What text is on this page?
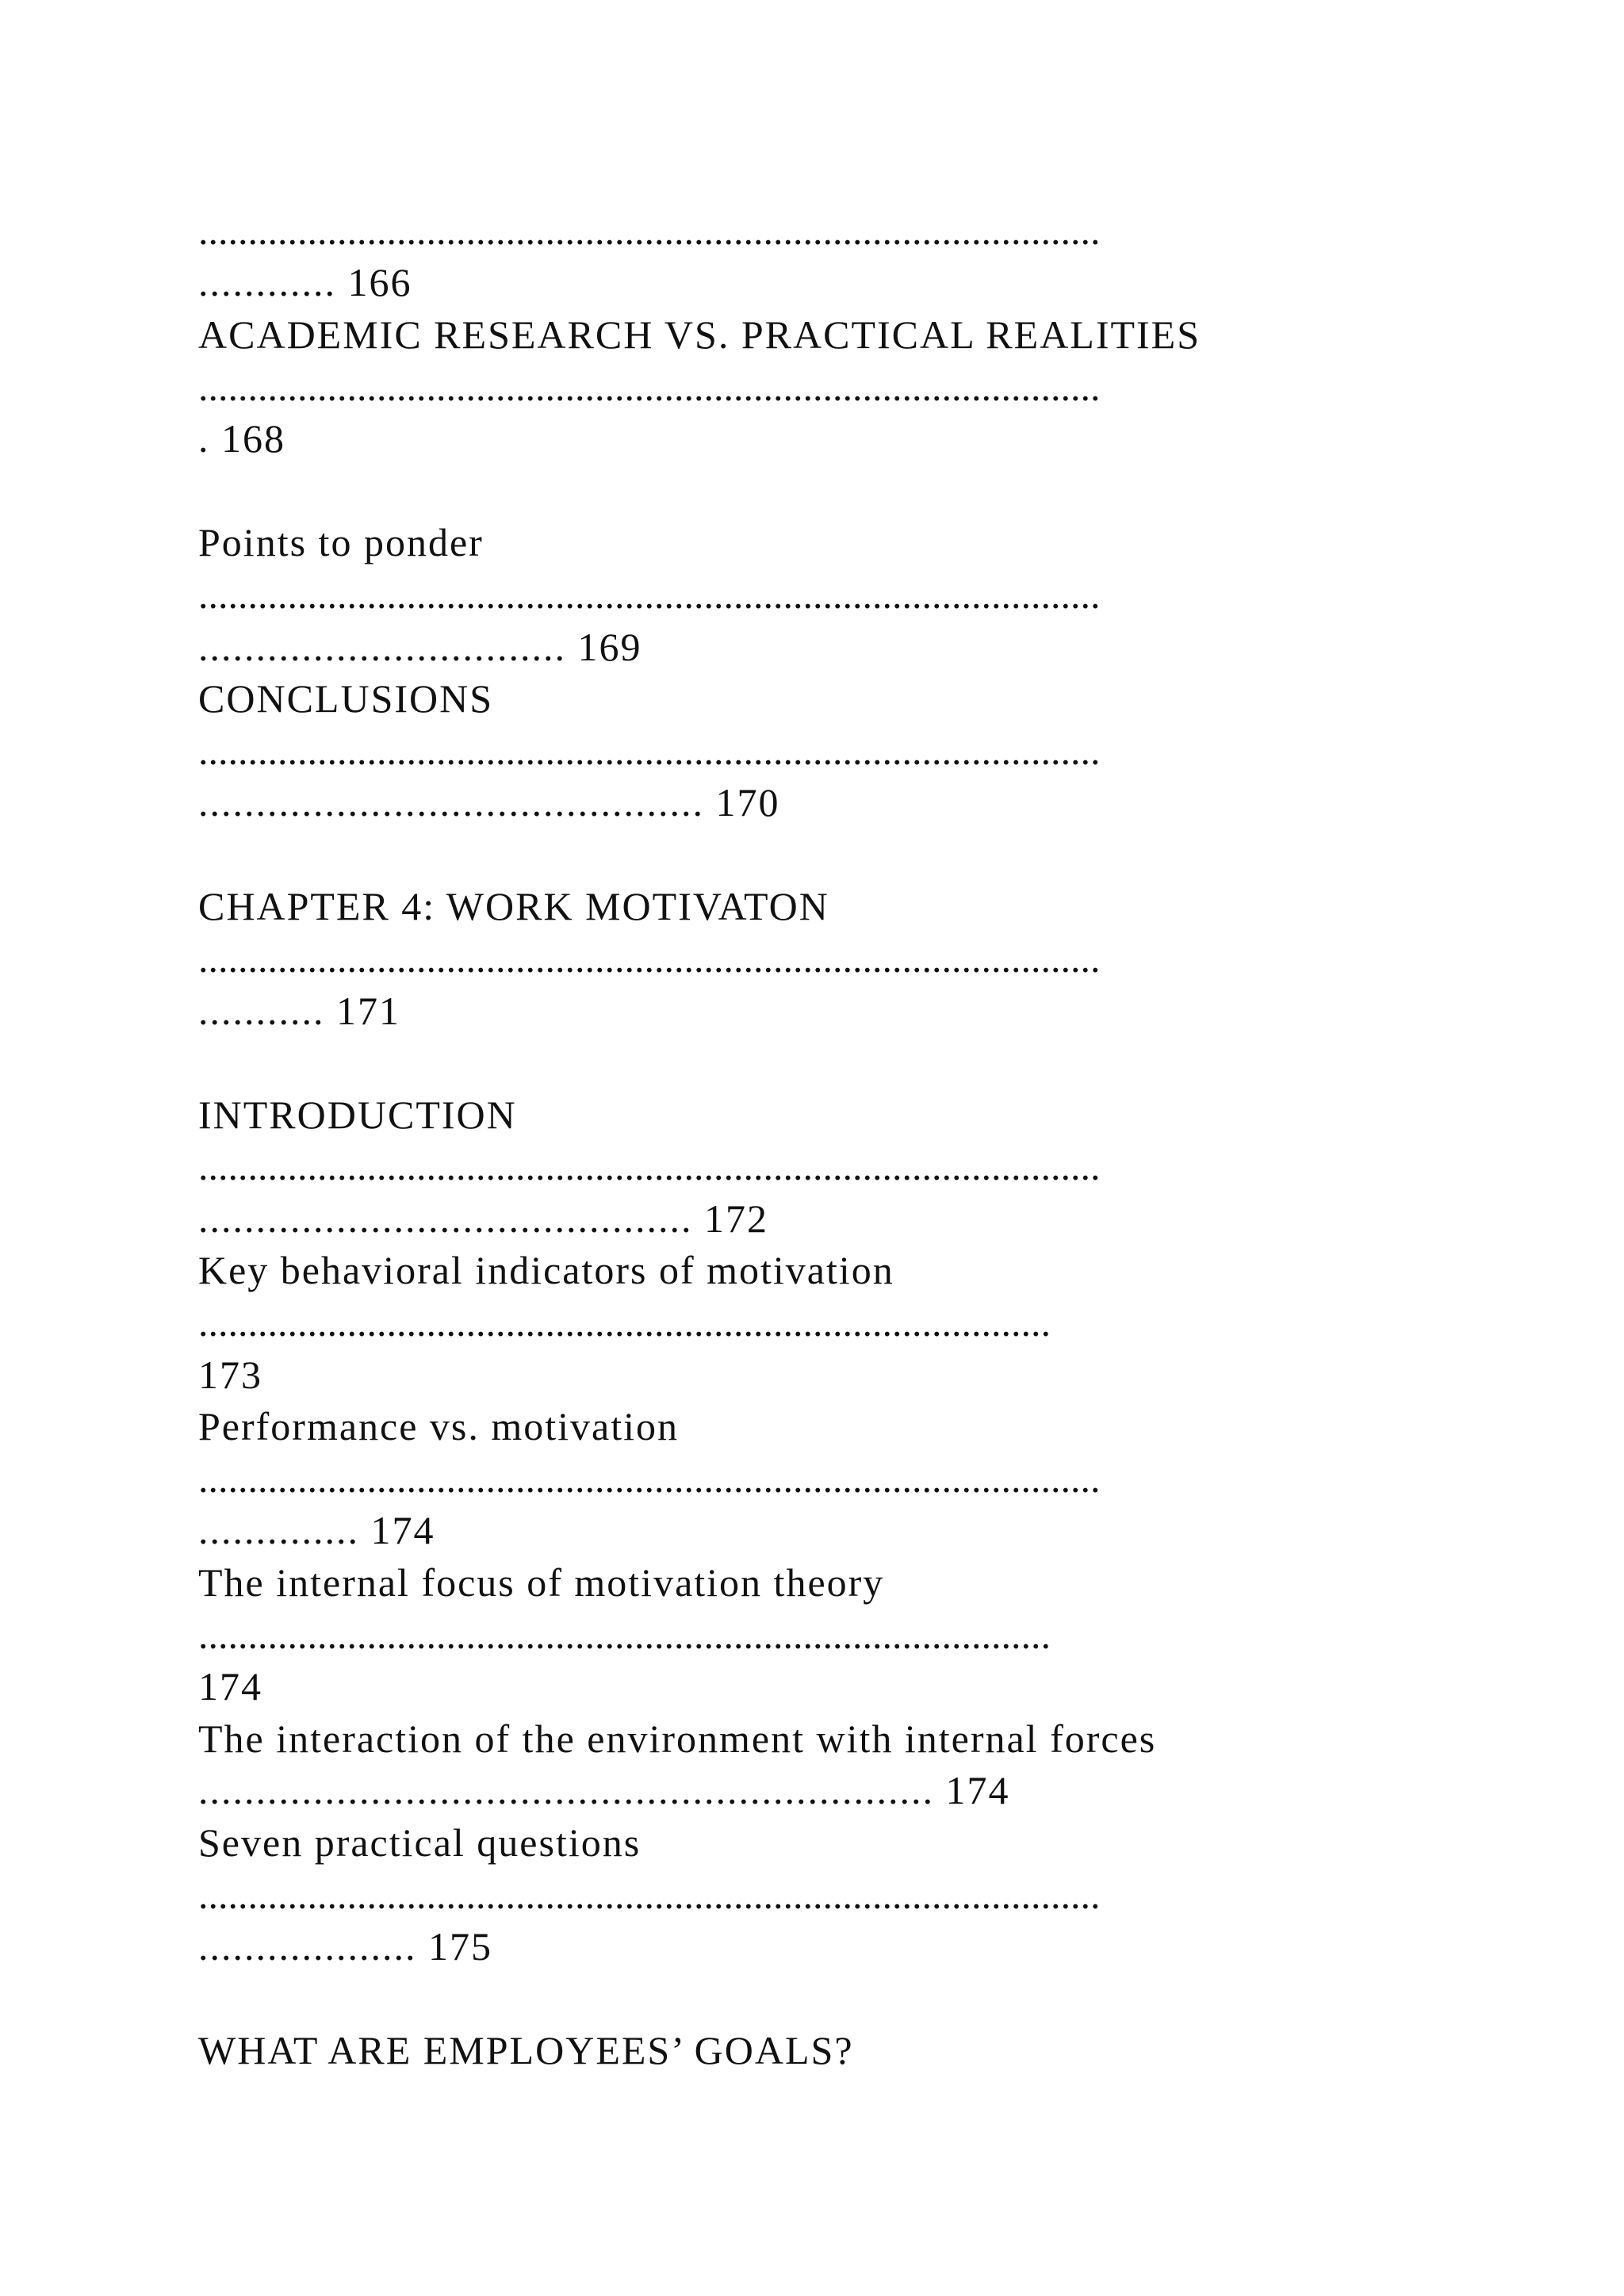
...........................................................................................

............ 166

ACADEMIC RESEARCH VS. PRACTICAL REALITIES

...........................................................................................

. 168

Points to ponder

...........................................................................................

................................ 169

CONCLUSIONS

...........................................................................................

............................................ 170

CHAPTER 4: WORK MOTIVATON

...........................................................................................

........... 171

INTRODUCTION

...........................................................................................

........................................... 172

Key behavioral indicators of motivation

......................................................................................

173

Performance vs. motivation

...........................................................................................

.............. 174

The internal focus of motivation theory

......................................................................................

174

The interaction of the environment with internal forces

................................................................ 174

Seven practical questions

...........................................................................................

................... 175

WHAT ARE EMPLOYEES’ GOALS?
